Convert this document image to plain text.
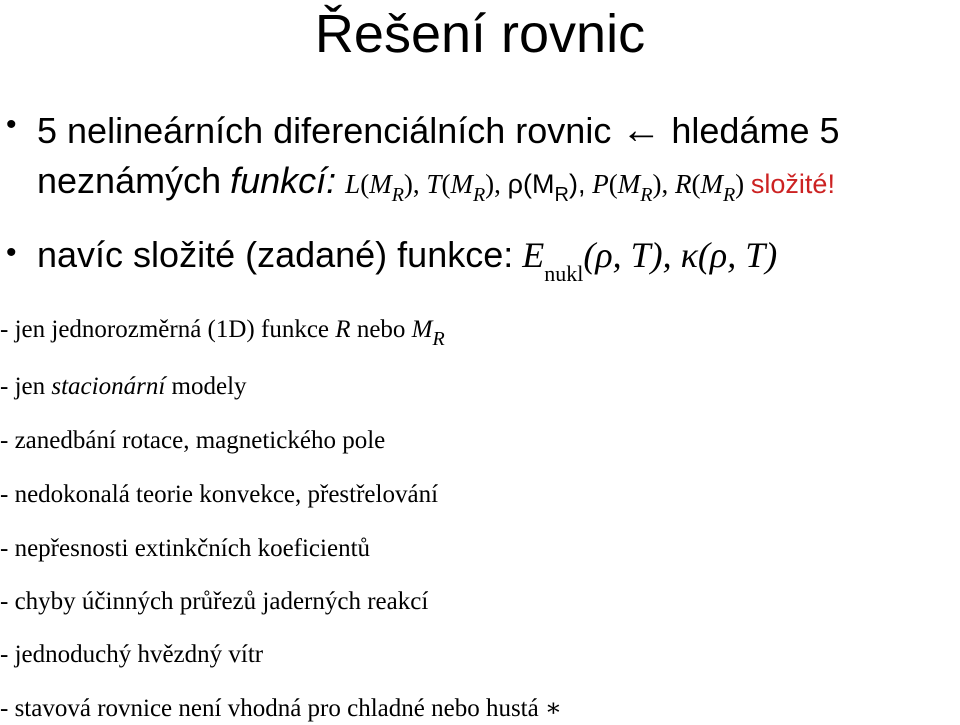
Řešení rovnic
• 5 nelineárních diferenciálních rovnic ← hledáme 5
neznámých funkcí: $L(M_R)$, $T(M_R)$, $\rho(M_R)$, $P(M_R)$, $R(M_R)$ složité!
• navíc složité (zadané) funkce: $E_{nukl}(\rho$, T), κ(ρ, T)
- jen jednorozměrná (1D) funkce R nebo $M_R$
- jen stacionární modely
- zanedbání rotace, magnetického pole
- nedokonalá teorie konvekce, přestřelování
- nepřesnosti extinkčních koeficientů
- chyby účinných průřezů jaderných reakcí
- jednoduchý hvězdný vítr
- stavová rovnice není vhodná pro chladné nebo hustá ∗
